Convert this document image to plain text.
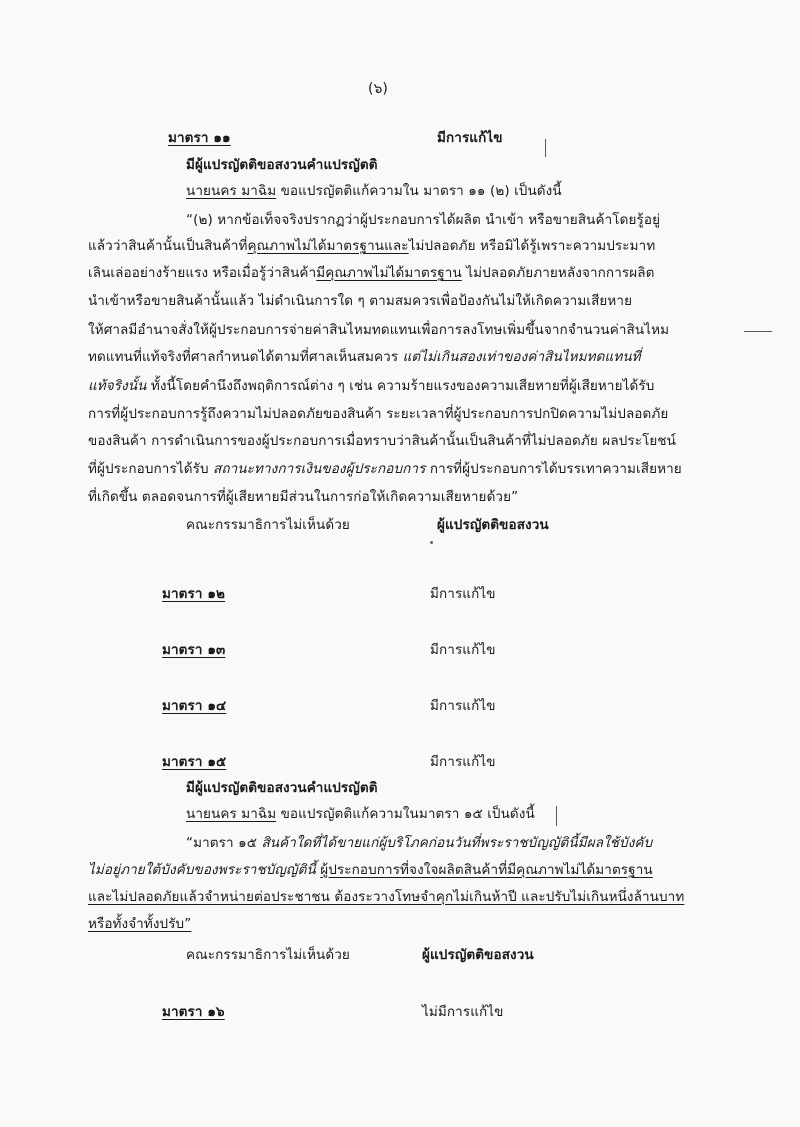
(๖)
มาตรา ๑๑	มีการแก้ไข
มีผู้แปรญัตติขอสงวนคำแปรญัตติ
นายนคร มาฉิม ขอแปรญัตติแก้ความใน มาตรา ๑๑ (๒) เป็นดังนี้
“(๒) หากข้อเท็จจริงปรากฏว่าผู้ประกอบการได้ผลิต นำเข้า หรือขายสินค้าโดยรู้อยู่
แล้วว่าสินค้านั้นเป็นสินค้าที่คุณภาพไม่ได้มาตรฐานและไม่ปลอดภัย หรือมิได้รู้เพราะความประมาท
เลินเล่ออย่างร้ายแรง หรือเมื่อรู้ว่าสินค้ามีคุณภาพไม่ได้มาตรฐาน ไม่ปลอดภัยภายหลังจากการผลิต
นำเข้าหรือขายสินค้านั้นแล้ว ไม่ดำเนินการใด ๆ ตามสมควรเพื่อป้องกันไม่ให้เกิดความเสียหาย
ให้ศาลมีอำนาจสั่งให้ผู้ประกอบการจ่ายค่าสินไหมทดแทนเพื่อการลงโทษเพิ่มขึ้นจากจำนวนค่าสินไหม
ทดแทนที่แท้จริงที่ศาลกำหนดได้ตามที่ศาลเห็นสมควร แต่ไม่เกินสองเท่าของค่าสินไหมทดแทนที่
แท้จริงนั้น ทั้งนี้โดยคำนึงถึงพฤติการณ์ต่าง ๆ เช่น ความร้ายแรงของความเสียหายที่ผู้เสียหายได้รับ
การที่ผู้ประกอบการรู้ถึงความไม่ปลอดภัยของสินค้า ระยะเวลาที่ผู้ประกอบการปกปิดความไม่ปลอดภัย
ของสินค้า การดำเนินการของผู้ประกอบการเมื่อทราบว่าสินค้านั้นเป็นสินค้าที่ไม่ปลอดภัย ผลประโยชน์
ที่ผู้ประกอบการได้รับ สถานะทางการเงินของผู้ประกอบการ การที่ผู้ประกอบการได้บรรเทาความเสียหาย
ที่เกิดขึ้น ตลอดจนการที่ผู้เสียหายมีส่วนในการก่อให้เกิดความเสียหายด้วย”
คณะกรรมาธิการไม่เห็นด้วย	ผู้แปรญัตติขอสงวน
มาตรา ๑๒	มีการแก้ไข
มาตรา ๑๓	มีการแก้ไข
มาตรา ๑๔	มีการแก้ไข
มาตรา ๑๕	มีการแก้ไข
มีผู้แปรญัตติขอสงวนคำแปรญัตติ
นายนคร มาฉิม ขอแปรญัตติแก้ความในมาตรา ๑๕ เป็นดังนี้
“มาตรา ๑๕ สินค้าใดที่ได้ขายแก่ผู้บริโภคก่อนวันที่พระราชบัญญัตินี้มีผลใช้บังคับ
ไม่อยู่ภายใต้บังคับของพระราชบัญญัตินี้ ผู้ประกอบการที่จงใจผลิตสินค้าที่มีคุณภาพไม่ได้มาตรฐาน
และไม่ปลอดภัยแล้วจำหน่ายต่อประชาชน ต้องระวางโทษจำคุกไม่เกินห้าปี และปรับไม่เกินหนึ่งล้านบาท
หรือทั้งจำทั้งปรับ”
คณะกรรมาธิการไม่เห็นด้วย	ผู้แปรญัตติขอสงวน
มาตรา ๑๖	ไม่มีการแก้ไข
